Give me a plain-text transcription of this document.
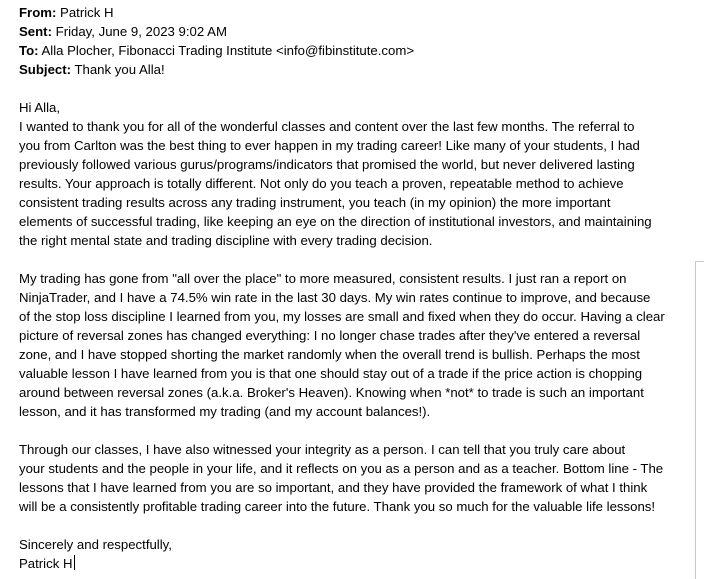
From: Patrick H
Sent: Friday, June 9, 2023 9:02 AM
To: Alla Plocher, Fibonacci Trading Institute <info@fibinstitute.com>
Subject: Thank you Alla!
Hi Alla,
I wanted to thank you for all of the wonderful classes and content over the last few months. The referral to
you from Carlton was the best thing to ever happen in my trading career! Like many of your students, I had
previously followed various gurus/programs/indicators that promised the world, but never delivered lasting
results. Your approach is totally different. Not only do you teach a proven, repeatable method to achieve
consistent trading results across any trading instrument, you teach (in my opinion) the more important
elements of successful trading, like keeping an eye on the direction of institutional investors, and maintaining
the right mental state and trading discipline with every trading decision.
My trading has gone from "all over the place" to more measured, consistent results. I just ran a report on
NinjaTrader, and I have a 74.5% win rate in the last 30 days. My win rates continue to improve, and because
of the stop loss discipline I learned from you, my losses are small and fixed when they do occur. Having a clear
picture of reversal zones has changed everything: I no longer chase trades after they've entered a reversal
zone, and I have stopped shorting the market randomly when the overall trend is bullish. Perhaps the most
valuable lesson I have learned from you is that one should stay out of a trade if the price action is chopping
around between reversal zones (a.k.a. Broker's Heaven). Knowing when *not* to trade is such an important
lesson, and it has transformed my trading (and my account balances!).
Through our classes, I have also witnessed your integrity as a person. I can tell that you truly care about
your students and the people in your life, and it reflects on you as a person and as a teacher. Bottom line - The
lessons that I have learned from you are so important, and they have provided the framework of what I think
will be a consistently profitable trading career into the future. Thank you so much for the valuable life lessons!
Sincerely and respectfully,
Patrick H
